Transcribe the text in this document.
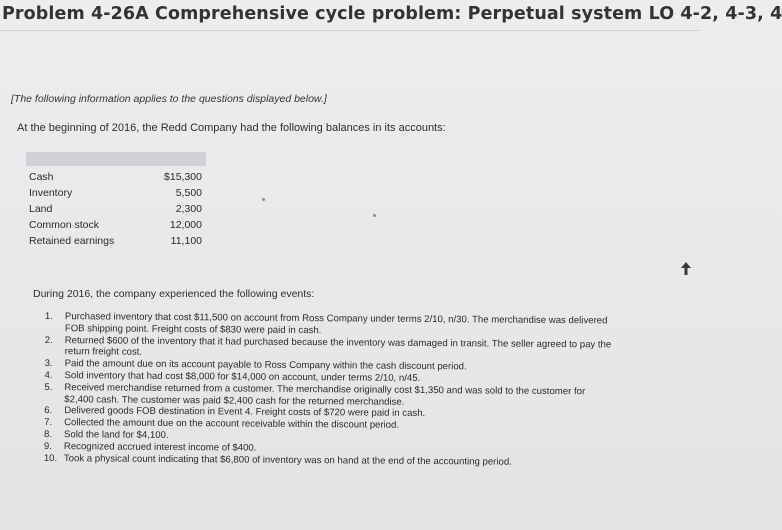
Problem 4-26A Comprehensive cycle problem: Perpetual system LO 4-2, 4-3, 4
[The following information applies to the questions displayed below.]
At the beginning of 2016, the Redd Company had the following balances in its accounts:
Cash	$15,300
Inventory	5,500
Land	2,300
Common stock	12,000
Retained earnings	11,100
During 2016, the company experienced the following events:
1. Purchased inventory that cost $11,500 on account from Ross Company under terms 2/10, n/30. The merchandise was delivered FOB shipping point. Freight costs of $830 were paid in cash.
2. Returned $600 of the inventory that it had purchased because the inventory was damaged in transit. The seller agreed to pay the return freight cost.
3. Paid the amount due on its account payable to Ross Company within the cash discount period.
4. Sold inventory that had cost $8,000 for $14,000 on account, under terms 2/10, n/45.
5. Received merchandise returned from a customer. The merchandise originally cost $1,350 and was sold to the customer for $2,400 cash. The customer was paid $2,400 cash for the returned merchandise.
6. Delivered goods FOB destination in Event 4. Freight costs of $720 were paid in cash.
7. Collected the amount due on the account receivable within the discount period.
8. Sold the land for $4,100.
9. Recognized accrued interest income of $400.
10. Took a physical count indicating that $6,800 of inventory was on hand at the end of the accounting period.
